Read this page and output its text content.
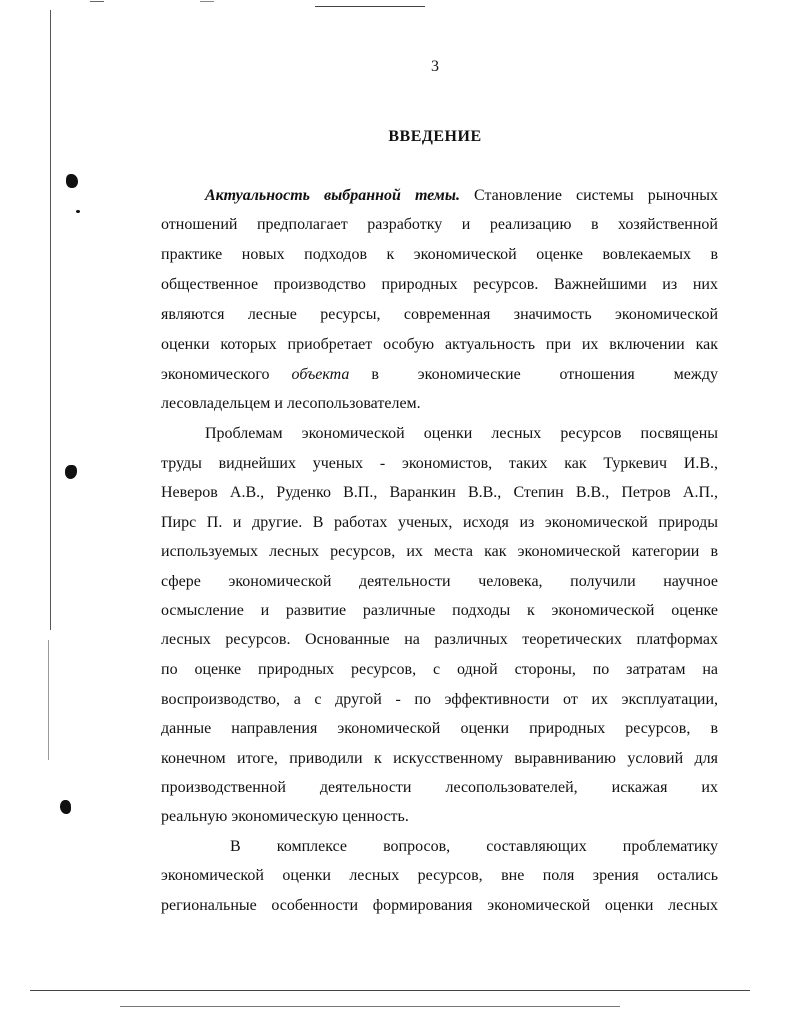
3
ВВЕДЕНИЕ
Актуальность выбранной темы. Становление системы рыночных
отношений предполагает разработку и реализацию в хозяйственной
практике новых подходов к экономической оценке вовлекаемых в
общественное производство природных ресурсов. Важнейшими из них
являются лесные ресурсы, современная значимость экономической
оценки которых приобретает особую актуальность при их включении как
экономического объекта в экономические отношения между
лесовладельцем и лесопользователем.
Проблемам экономической оценки лесных ресурсов посвящены
труды виднейших ученых - экономистов, таких как Туркевич И.В.,
Неверов А.В., Руденко В.П., Варанкин В.В., Степин В.В., Петров А.П.,
Пирс П. и другие. В работах ученых, исходя из экономической природы
используемых лесных ресурсов, их места как экономической категории в
сфере экономической деятельности человека, получили научное
осмысление и развитие различные подходы к экономической оценке
лесных ресурсов. Основанные на различных теоретических платформах
по оценке природных ресурсов, с одной стороны, по затратам на
воспроизводство, а с другой - по эффективности от их эксплуатации,
данные направления экономической оценки природных ресурсов, в
конечном итоге, приводили к искусственному выравниванию условий для
производственной деятельности лесопользователей, искажая их
реальную экономическую ценность.
В комплексе вопросов, составляющих проблематику
экономической оценки лесных ресурсов, вне поля зрения остались
региональные особенности формирования экономической оценки лесных
